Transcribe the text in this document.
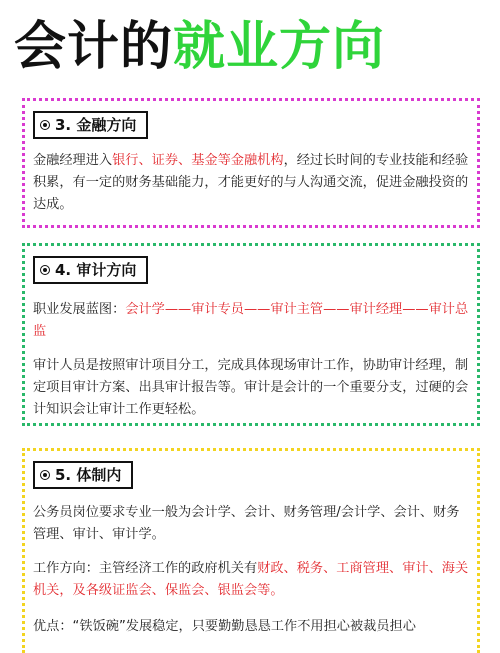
会计的就业方向
3. 金融方向
金融经理进入银行、证券、基金等金融机构，经过长时间的专业技能和经验积累，有一定的财务基础能力，才能更好的与人沟通交流，促进金融投资的达成。
4. 审计方向
职业发展蓝图：会计学——审计专员——审计主管——审计经理——审计总监
审计人员是按照审计项目分工，完成具体现场审计工作，协助审计经理，制定项目审计方案、出具审计报告等。审计是会计的一个重要分支，过硬的会计知识会让审计工作更轻松。
5. 体制内
公务员岗位要求专业一般为会计学、会计、财务管理/会计学、会计、财务管理、审计、审计学。
工作方向：主管经济工作的政府机关有财政、税务、工商管理、审计、海关机关，及各级证监会、保监会、银监会等。
优点：“铁饭碗”发展稳定，只要勤勤恳恳工作不用担心被裁员担心
